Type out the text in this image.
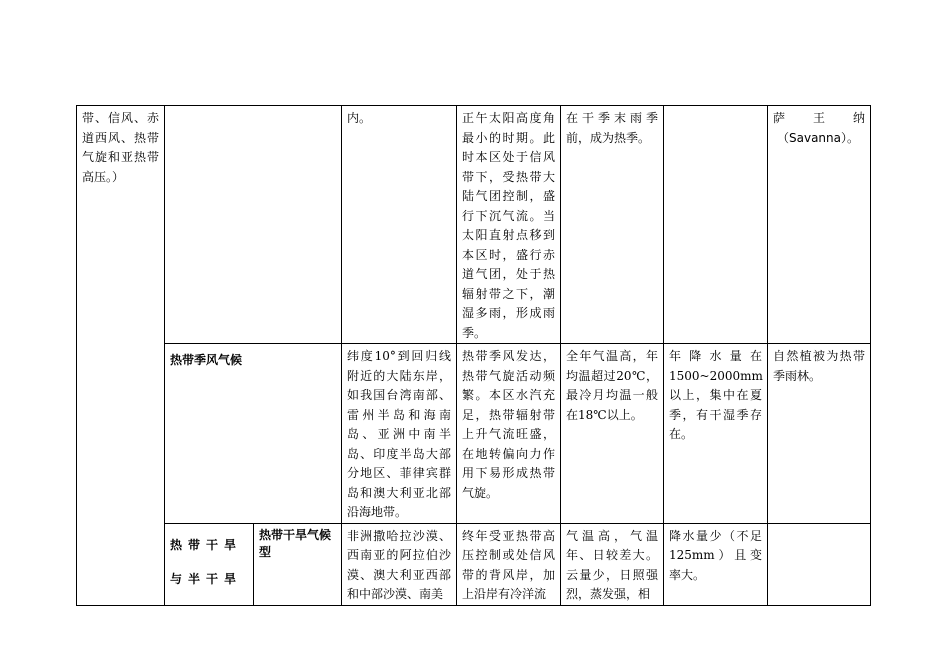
带、信风、赤道西风、热带气旋和亚热带高压。）			内。	正午太阳高度角最小的时期。此时本区处于信风带下，受热带大陆气团控制，盛行下沉气流。当太阳直射点移到本区时，盛行赤道气团，处于热辐射带之下，潮湿多雨，形成雨季。	在干季末雨季前，成为热季。		萨 王 纳
（Savanna）。

	热带季风气候		纬度10°到回归线附近的大陆东岸，如我国台湾南部、雷州半岛和海南岛、亚洲中南半岛、印度半岛大部分地区、菲律宾群岛和澳大利亚北部沿海地带。	热带季风发达，热带气旋活动频繁。本区水汽充足，热带辐射带上升气流旺盛，在地转偏向力作用下易形成热带气旋。	全年气温高，年均温超过20℃，最冷月均温一般在18℃以上。	年降水量在1500~2000mm以上，集中在夏季，有干湿季存在。	自然植被为热带季雨林。
	热带干旱与半干旱	热带干旱气候型	非洲撒哈拉沙漠、西南亚的阿拉伯沙漠、澳大利亚西部和中部沙漠、南美	终年受亚热带高压控制或处信风带的背风岸，加上沿岸有冷洋流	气温高，气温年、日较差大。云量少，日照强烈，蒸发强，相	降水量少（不足125mm）且变率大。	
